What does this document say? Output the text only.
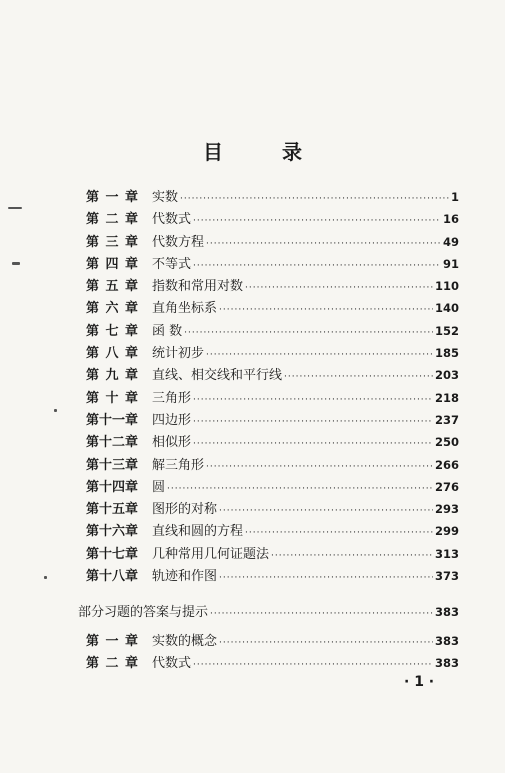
目 录
第 一 章 实数 ·····	1
第 二 章 代数式 ·····	16
第 三 章 代数方程 ·····	49
第 四 章 不等式 ·····	91
第 五 章 指数和常用对数 ·····	110
第 六 章 直角坐标系 ·····	140
第 七 章 函 数 ·····	152
第 八 章 统计初步 ·····	185
第 九 章 直线、相交线和平行线 ·····	203
第 十 章 三角形 ·····	218
第十一章	四边形 ·····	237
第十二章	相似形 ·····	250
第十三章	解三角形 ·····	266
第十四章	圆 ·····	276
第十五章	图形的对称 ·····	293
第十六章	直线和圆的方程 ·····	299
第十七章	几种常用几何证题法 ·····	313
第十八章	轨迹和作图 ·····	373
部分习题的答案与提示 ·····	383
第 一 章 实数的概念 ·····	383
第 二 章 代数式 ·····	383
· 1 ·
